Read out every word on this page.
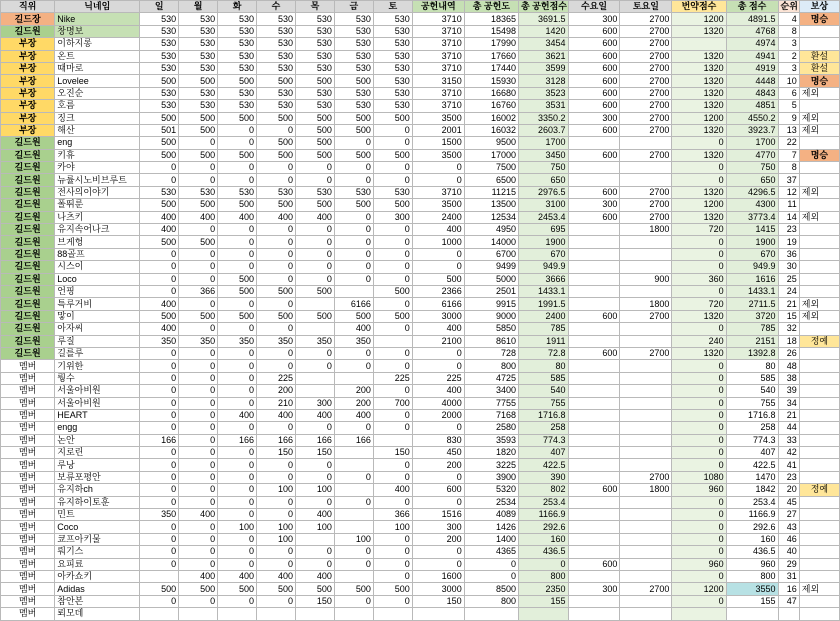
직위	닉네임	일	월	화	수	목	금	토	공헌내역	총 공헌도	총 공헌점수	수요일	토요일	번약점수	총 점수	순위	보상
길드장	Nike	530	530	530	530	530	530	530	3710	18365	3691.5	300	2700	1200	4891.5	4	명승
길드원	창명보	530	530	530	530	530	530	530	3710	15498	1420	600	2700	1320	4768	8	
부장	이하지롱	530	530	530	530	530	530	530	3710	17990	3454	600	2700		4974	3	
부장	온트	530	530	530	530	530	530	530	3710	17660	3621	600	2700	1320	4941	2	환설
부장	때마로	530	530	530	530	530	530	530	3710	17440	3599	600	2700	1320	4919	3	환설
부장	Lovelee	500	500	500	500	500	500	530	3150	15930	3128	600	2700	1320	4448	10	명승
부장	오진순	530	530	530	530	530	530	530	3710	16680	3523	600	2700	1320	4843	6	제외
부장	호름	530	530	530	530	530	530	530	3710	16760	3531	600	2700	1320	4851	5	
부장	징크	500	500	500	500	500	500	500	3500	16002	3350.2	300	2700	1200	4550.2	9	제외
부장	해산	501	500	0	0	500	500	0	2001	16032	2603.7	600	2700	1320	3923.7	13	제외
길드원	eng	500	0	0	500	500	0	0	1500	9500	1700			0	1700	22	
길드원	키휴	500	500	500	500	500	500	500	3500	17000	3450	600	2700	1320	4770	7	명승
길드원	카야	0	0	0	0	0	0	0	0	7500	750			0	750	8	
길드원	뉴률시노비브루트	0	0	0	0	0	0	0	0	6500	650			0	650	37	
길드원	전사의이야기	530	530	530	530	530	530	530	3710	11215	2976.5	600	2700	1320	4296.5	12	제외
길드원	폴뛰룬	500	500	500	500	500	500	500	3500	13500	3100	300	2700	1200	4300	11	
길드원	나츠키	400	400	400	400	400	0	300	2400	12534	2453.4	600	2700	1320	3773.4	14	제외
길드원	유지속어나크	400	0	0	0	0	0	0	400	4950	695		1800	720	1415	23	
길드원	브게헝	500	500	0	0	0	0	0	1000	14000	1900			0	1900	19	
길드원	88골프	0	0	0	0	0	0	0	0	6700	670			0	670	36	
길드원	시스이	0	0	0	0	0	0	0	0	9499	949.9			0	949.9	30	
길드원	Loco	0	0	500	0	0	0	0	500	5000	3666		900	360	1616	25	
길드원	언핑	0	366	500	500	500		500	2366	2501	1433.1			0	1433.1	24	
길드원	특루거비	400	0	0	0		6166	0	6166	9915	1991.5		1800	720	2711.5	21	제외
길드원	맣이	500	500	500	500	500	500	500	3000	9000	2400	600	2700	1320	3720	15	제외
길드원	아자씨	400	0	0	0		400	0	400	5850	785			0	785	32	
길드원	루질	350	350	350	350	350	350		2100	8610	1911			240	2151	18	정예
길드원	길를루	0	0	0	0	0	0	0	0	728	72.8	600	2700	1320	1392.8	26	
멤버	기위한	0	0	0	0	0	0	0	0	800	80			0	80	48	
멤버	뤙수	0	0	0	225			225	225	4725	585			0	585	38	
멤버	서울아비원	0	0	0	200		200	0	400	3400	540			0	540	39	
멤버	서울아비원	0	0	0	210	300	200	700	4000	7755	755			0	755	34	
멤버	HEART	0	0	400	400	400	400	0	2000	7168	1716.8			0	1716.8	21	
멤버	engg	0	0	0	0	0	0	0	0	2580	258			0	258	44	
멤버	논안	166	0	166	166	166	166		830	3593	774.3			0	774.3	33	
멤버	지로린	0	0	0	150	150		150	450	1820	407			0	407	42	
멤버	루낭	0	0	0	0	0		0	200	3225	422.5			0	422.5	41	
멤버	보류포평안	0	0	0	0	0	0	0	0	3900	390		2700	1080	1470	23	
멤버	유지하ch	0	0	0	100	100		400	600	5320	802	600	1800	960	1842	20	정예
멤버	유지하이토훈	0	0	0	0	0	0	0	0	2534	253.4			0	253.4	45	
멤버	민트	350	400	0	0	400		366	1516	4089	1166.9			0	1166.9	27	
멤버	Coco	0	0	100	100	100		100	300	1426	292.6			0	292.6	43	
멤버	쿄프아키물	0	0	0	100		100	0	200	1400	160			0	160	46	
멤버	뤄기스	0	0	0	0	0	0	0	0	4365	436.5			0	436.5	40	
멤버	요피료	0	0	0	0	0	0	0	0	0	0	600		960	960	29	
멤버	아카쇼키		400	400	400	400		0	1600	0	800			0	800	31	
멤버	Adidas	500	500	500	500	500	500	500	3000	8500	2350	300	2700	1200	3550	16	제외
멤버	참안본	0	0	0	0	150	0	0	150	800	155			0	155	47	
멤버	뢰모데																
